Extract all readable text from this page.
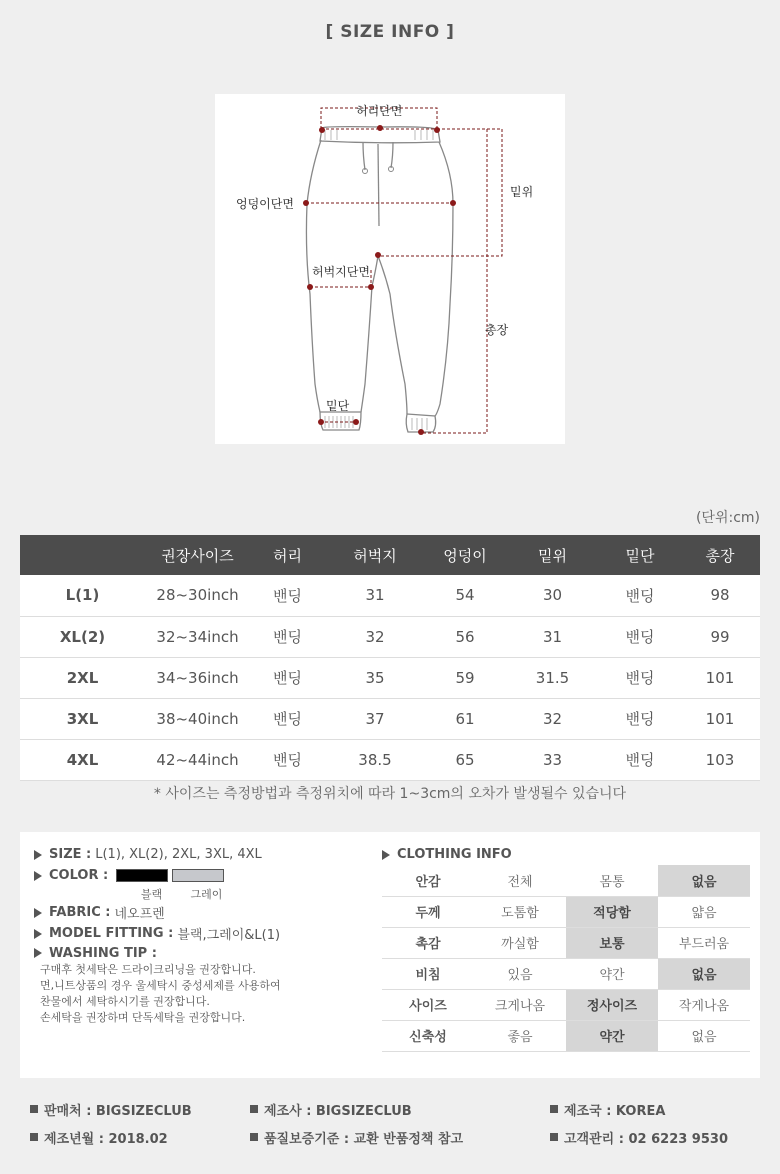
[ SIZE INFO ]
허리단면
엉덩이단면
허벅지단면
밑단
밑위
총장
(단위:cm)
	권장사이즈	허리	허벅지	엉덩이	밑위	밑단	총장
L(1)	28~30inch	밴딩	31	54	30	밴딩	98
XL(2)	32~34inch	밴딩	32	56	31	밴딩	99
2XL	34~36inch	밴딩	35	59	31.5	밴딩	101
3XL	38~40inch	밴딩	37	61	32	밴딩	101
4XL	42~44inch	밴딩	38.5	65	33	밴딩	103
* 사이즈는 측정방법과 측정위치에 따라 1~3cm의 오차가 발생될수 있습니다
SIZE : L(1), XL(2), 2XL, 3XL, 4XL
COLOR :
블랙	그레이
FABRIC : 네오프렌
MODEL FITTING : 블랙,그레이&L(1)
WASHING TIP :
구매후 첫세탁은 드라이크리닝을 권장합니다.
면,니트상품의 경우 울세탁시 중성세제를 사용하여
찬물에서 세탁하시기를 권장합니다.
손세탁을 권장하며 단독세탁을 권장합니다.
CLOTHING INFO
안감	전체	몸통	없음
두께	도톰함	적당함	얇음
촉감	까실함	보통	부드러움
비침	있음	약간	없음
사이즈	크게나옴	정사이즈	작게나옴
신축성	좋음	약간	없음
판매처 : BIGSIZECLUB	제조사 : BIGSIZECLUB	제조국 : KOREA
제조년월 : 2018.02	품질보증기준 : 교환 반품정책 참고	고객관리 : 02 6223 9530
